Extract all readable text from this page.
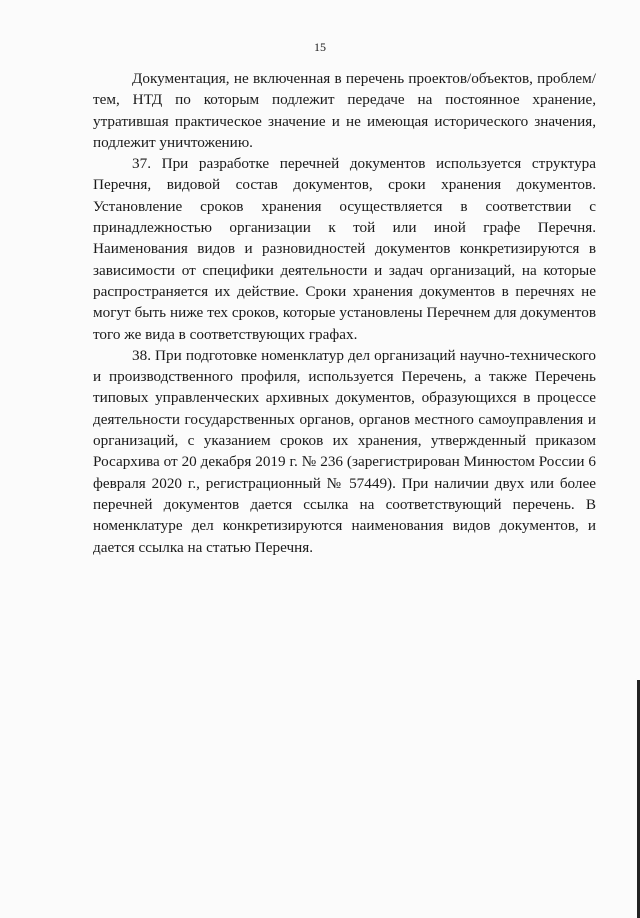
15

Документация, не включенная в перечень проектов/объектов, проблем/тем, НТД по которым подлежит передаче на постоянное хранение, утратившая практическое значение и не имеющая исторического значения, подлежит уничтожению.

37. При разработке перечней документов используется структура Перечня, видовой состав документов, сроки хранения документов. Установление сроков хранения осуществляется в соответствии с принадлежностью организации к той или иной графе Перечня. Наименования видов и разновидностей документов конкретизируются в зависимости от специфики деятельности и задач организаций, на которые распространяется их действие. Сроки хранения документов в перечнях не могут быть ниже тех сроков, которые установлены Перечнем для документов того же вида в соответствующих графах.

38. При подготовке номенклатур дел организаций научно-технического и производственного профиля, используется Перечень, а также Перечень типовых управленческих архивных документов, образующихся в процессе деятельности государственных органов, органов местного самоуправления и организаций, с указанием сроков их хранения, утвержденный приказом Росархива от 20 декабря 2019 г. № 236 (зарегистрирован Минюстом России 6 февраля 2020 г., регистрационный № 57449). При наличии двух или более перечней документов дается ссылка на соответствующий перечень. В номенклатуре дел конкретизируются наименования видов документов, и дается ссылка на статью Перечня.
